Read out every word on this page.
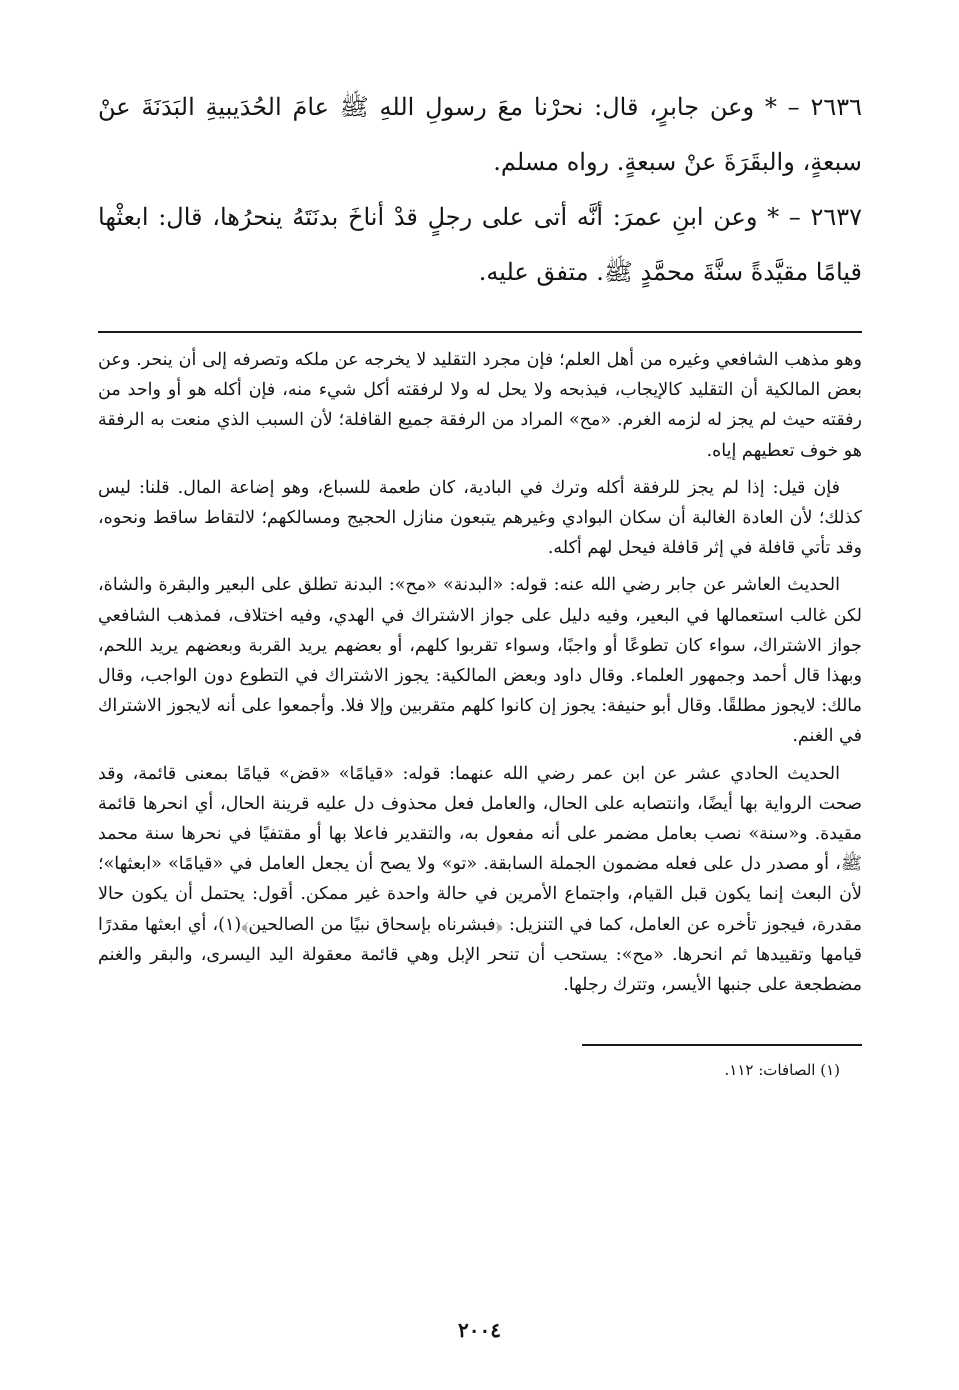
٢٦٣٦ – * وعن جابرٍ، قال: نحرْنا معَ رسولِ اللهِ ﷺ عامَ الحُدَيبيةِ البَدَنَةَ عنْ سبعةٍ، والبقَرَةَ عنْ سبعةٍ. رواه مسلم.

٢٦٣٧ – * وعن ابنِ عمرَ: أنَّه أتى على رجلٍ قدْ أناخَ بدنَتَهُ ينحرُها، قال: ابعثْها قيامًا مقيَّدةً سنَّةَ محمَّدٍ ﷺ. متفق عليه.

وهو مذهب الشافعي وغيره من أهل العلم؛ فإن مجرد التقليد لا يخرجه عن ملكه وتصرفه إلى أن ينحر. وعن بعض المالكية أن التقليد كالإيجاب، فيذبحه ولا يحل له ولا لرفقته أكل شيء منه، فإن أكله هو أو واحد من رفقته حيث لم يجز له لزمه الغرم. «مح» المراد من الرفقة جميع القافلة؛ لأن السبب الذي منعت به الرفقة هو خوف تعطيهم إياه.

فإن قيل: إذا لم يجز للرفقة أكله وترك في البادية، كان طعمة للسباع، وهو إضاعة المال. قلنا: ليس كذلك؛ لأن العادة الغالبة أن سكان البوادي وغيرهم يتبعون منازل الحجيج ومسالكهم؛ لالتقاط ساقط ونحوه، وقد تأتي قافلة في إثر قافلة فيحل لهم أكله.

الحديث العاشر عن جابر رضي الله عنه: قوله: «البدنة» «مح»: البدنة تطلق على البعير والبقرة والشاة، لكن غالب استعمالها في البعير، وفيه دليل على جواز الاشتراك في الهدي، وفيه اختلاف، فمذهب الشافعي جواز الاشتراك، سواء كان تطوعًا أو واجبًا، وسواء تقربوا كلهم، أو بعضهم يريد القربة وبعضهم يريد اللحم، وبهذا قال أحمد وجمهور العلماء. وقال داود وبعض المالكية: يجوز الاشتراك في التطوع دون الواجب، وقال مالك: لايجوز مطلقًا. وقال أبو حنيفة: يجوز إن كانوا كلهم متقربين وإلا فلا. وأجمعوا على أنه لايجوز الاشتراك في الغنم.

الحديث الحادي عشر عن ابن عمر رضي الله عنهما: قوله: «قيامًا» «قض» قيامًا بمعنى قائمة، وقد صحت الرواية بها أيضًا، وانتصابه على الحال، والعامل فعل محذوف دل عليه قرينة الحال، أي انحرها قائمة مقيدة. و«سنة» نصب بعامل مضمر على أنه مفعول به، والتقدير فاعلا بها أو مقتفيًا في نحرها سنة محمد ﷺ، أو مصدر دل على فعله مضمون الجملة السابقة. «تو» ولا يصح أن يجعل العامل في «قيامًا» «ابعثها»؛ لأن البعث إنما يكون قبل القيام، واجتماع الأمرين في حالة واحدة غير ممكن. أقول: يحتمل أن يكون حالا مقدرة، فيجوز تأخره عن العامل، كما في التنزيل: ﴿فبشرناه بإسحاق نبيًا من الصالحين﴾(١)، أي ابعثها مقدرًا قيامها وتقييدها ثم انحرها. «مح»: يستحب أن تنحر الإبل وهي قائمة معقولة اليد اليسرى، والبقر والغنم مضطجعة على جنبها الأيسر، وتترك رجلها.

(١) الصافات: ١١٢.

٢٠٠٤
